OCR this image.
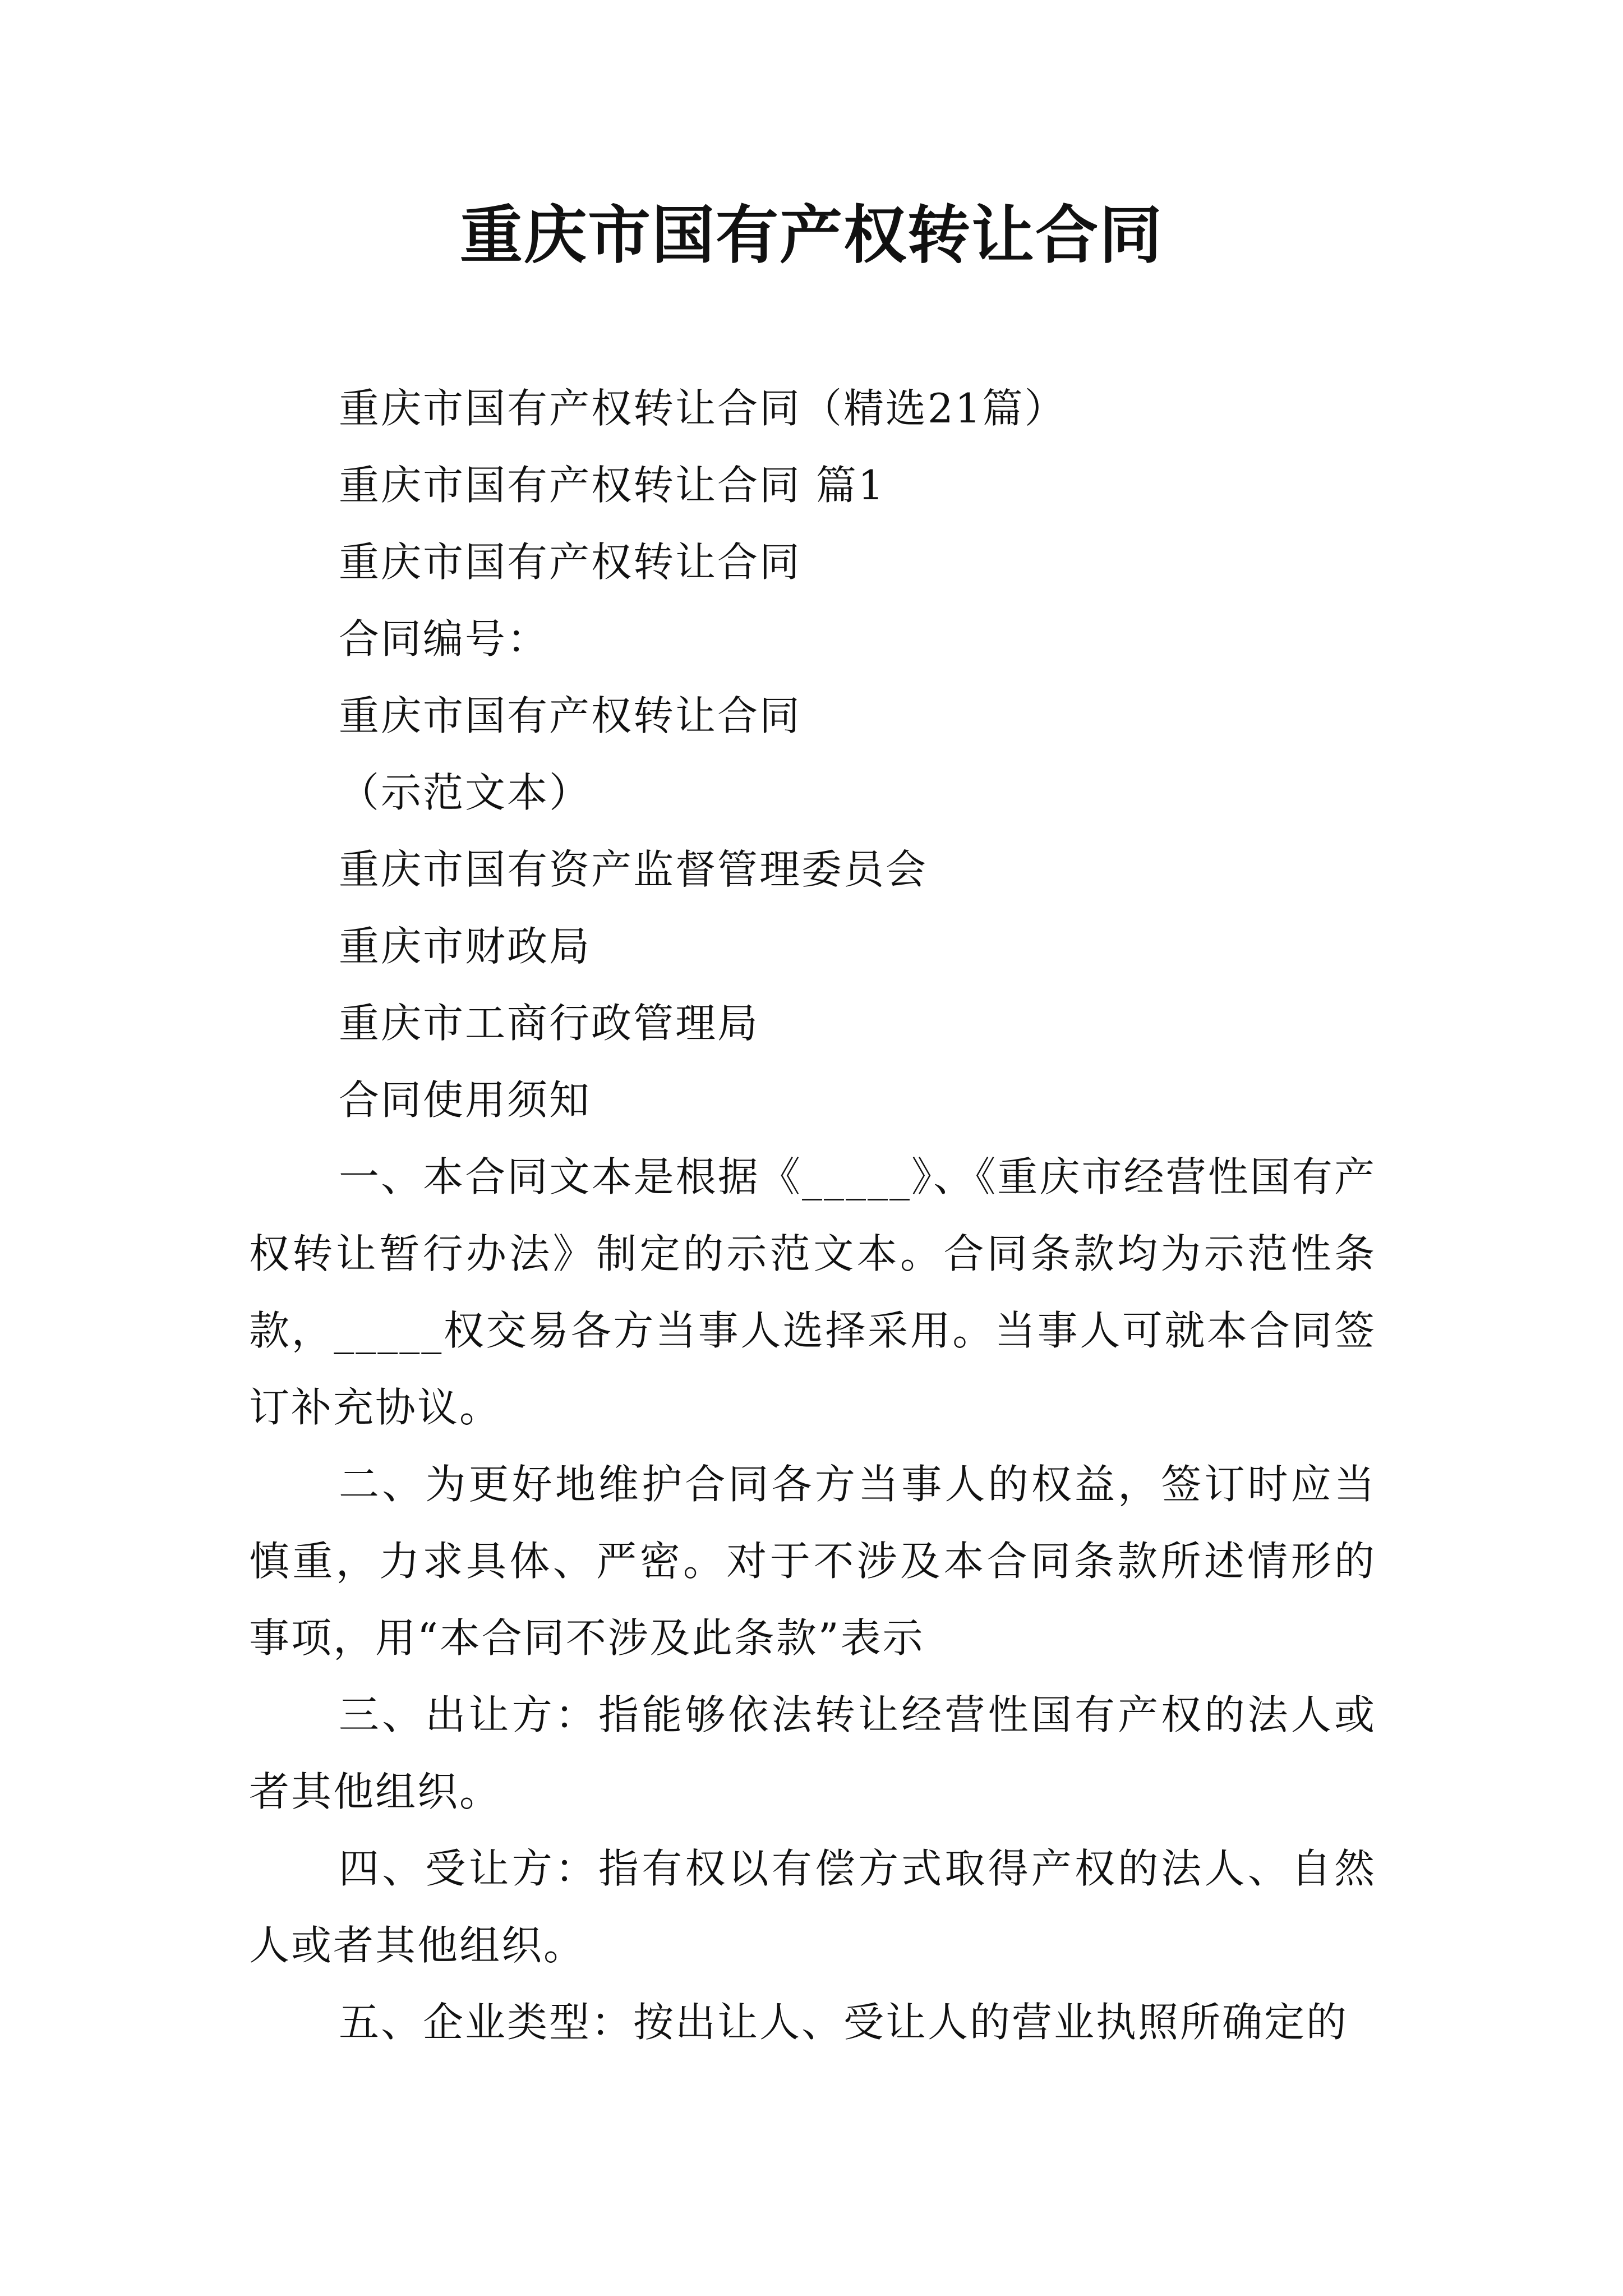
重庆市国有产权转让合同

重庆市国有产权转让合同（精选21篇）

重庆市国有产权转让合同 篇1

重庆市国有产权转让合同

合同编号：

重庆市国有产权转让合同

（示范文本）

重庆市国有资产监督管理委员会

重庆市财政局

重庆市工商行政管理局

合同使用须知

一、本合同文本是根据《_____》、《重庆市经营性国有产权转让暂行办法》制定的示范文本。合同条款均为示范性条款，_____权交易各方当事人选择采用。当事人可就本合同签订补充协议。

二、为更好地维护合同各方当事人的权益，签订时应当慎重，力求具体、严密。对于不涉及本合同条款所述情形的事项，用“本合同不涉及此条款”表示

三、出让方：指能够依法转让经营性国有产权的法人或者其他组织。

四、受让方：指有权以有偿方式取得产权的法人、自然人或者其他组织。

五、企业类型：按出让人、受让人的营业执照所确定的
